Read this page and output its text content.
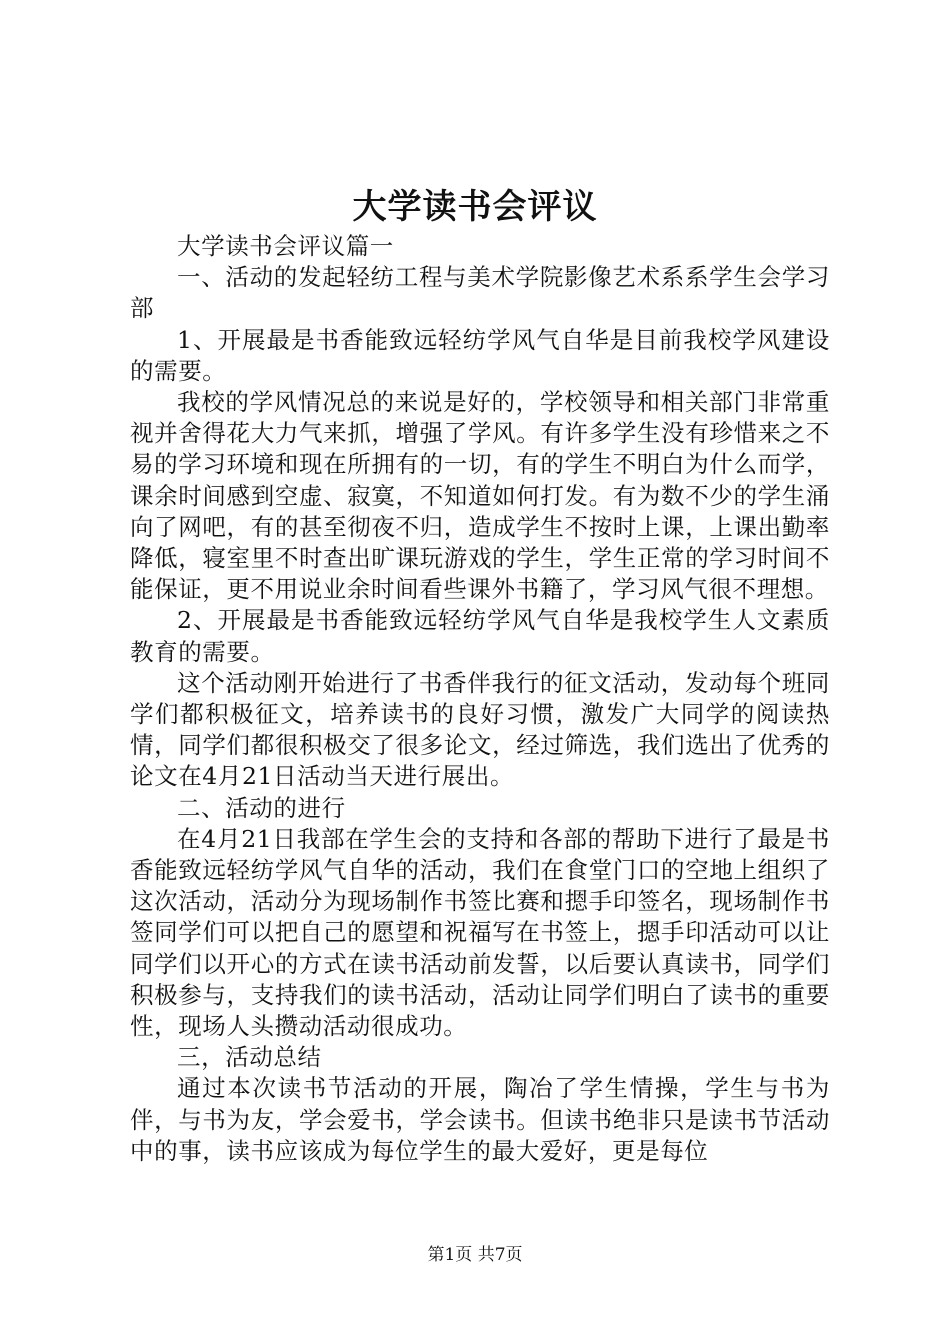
大学读书会评议

大学读书会评议篇一

一、活动的发起轻纺工程与美术学院影像艺术系系学生会学习部

1、开展最是书香能致远轻纺学风气自华是目前我校学风建设的需要。

我校的学风情况总的来说是好的，学校领导和相关部门非常重视并舍得花大力气来抓，增强了学风。有许多学生没有珍惜来之不易的学习环境和现在所拥有的一切，有的学生不明白为什么而学，课余时间感到空虚、寂寞，不知道如何打发。有为数不少的学生涌向了网吧，有的甚至彻夜不归，造成学生不按时上课，上课出勤率降低，寝室里不时查出旷课玩游戏的学生，学生正常的学习时间不能保证，更不用说业余时间看些课外书籍了，学习风气很不理想。

2、开展最是书香能致远轻纺学风气自华是我校学生人文素质教育的需要。

这个活动刚开始进行了书香伴我行的征文活动，发动每个班同学们都积极征文，培养读书的良好习惯，激发广大同学的阅读热情，同学们都很积极交了很多论文，经过筛选，我们选出了优秀的论文在4月21日活动当天进行展出。

二、活动的进行

在4月21日我部在学生会的支持和各部的帮助下进行了最是书香能致远轻纺学风气自华的活动，我们在食堂门口的空地上组织了这次活动，活动分为现场制作书签比赛和摁手印签名，现场制作书签同学们可以把自己的愿望和祝福写在书签上，摁手印活动可以让同学们以开心的方式在读书活动前发誓，以后要认真读书，同学们积极参与，支持我们的读书活动，活动让同学们明白了读书的重要性，现场人头攒动活动很成功。

三，活动总结

通过本次读书节活动的开展，陶冶了学生情操，学生与书为伴，与书为友，学会爱书，学会读书。但读书绝非只是读书节活动中的事，读书应该成为每位学生的最大爱好，更是每位

第1页 共7页
